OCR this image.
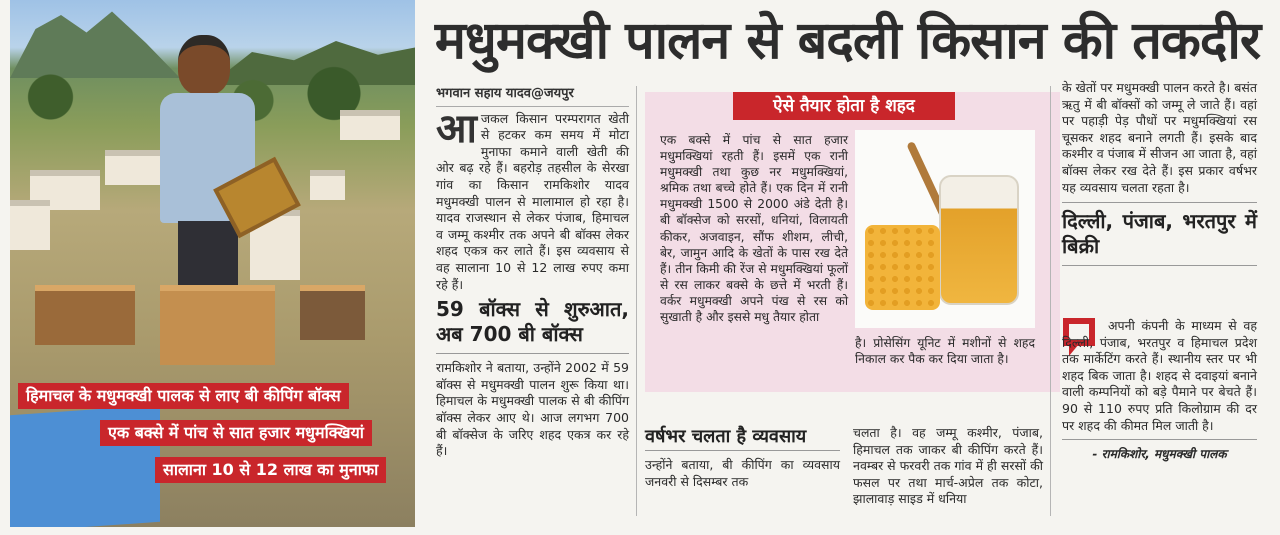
हिमाचल के मधुमक्खी पालक से लाए बी कीपिंग बॉक्स
एक बक्से में पांच से सात हजार मधुमक्खियां
सालाना 10 से 12 लाख का मुनाफा
मधुमक्खी पालन से बदली किसान की तकदीर
भगवान सहाय यादव@जयपुर

आजकल किसान परम्परागत खेती से हटकर कम समय में मोटा मुनाफा कमाने वाली खेती की ओर बढ़ रहे हैं। बहरोड़ तहसील के सेरखा गांव का किसान रामकिशोर यादव मधुमक्खी पालन से मालामाल हो रहा है। यादव राजस्थान से लेकर पंजाब, हिमाचल व जम्मू कश्मीर तक अपने बी बॉक्स लेकर शहद एकत्र कर लाते हैं। इस व्यवसाय से वह सालाना 10 से 12 लाख रुपए कमा रहे हैं।

59 बॉक्स से शुरुआत, अब 700 बी बॉक्स

रामकिशोर ने बताया, उन्होंने 2002 में 59 बॉक्स से मधुमक्खी पालन शुरू किया था। हिमाचल के मधुमक्खी पालक से बी कीपिंग बॉक्स लेकर आए थे। आज लगभग 700 बी बॉक्सेज के जरिए शहद एकत्र कर रहे हैं।

ऐसे तैयार होता है शहद
एक बक्से में पांच से सात हजार मधुमक्खियां रहती हैं। इसमें एक रानी मधुमक्खी तथा कुछ नर मधुमक्खियां, श्रमिक तथा बच्चे होते हैं। एक दिन में रानी मधुमक्खी 1500 से 2000 अंडे देती है। बी बॉक्सेज को सरसों, धनियां, विलायती कीकर, अजवाइन, सौंफ शीशम, लीची, बेर, जामुन आदि के खेतों के पास रख देते हैं। तीन किमी की रेंज से मधुमक्खियां फूलों से रस लाकर बक्से के छत्ते में भरती हैं। वर्कर मधुमक्खी अपने पंख से रस को सुखाती है और इससे मधु तैयार होता
है। प्रोसेसिंग यूनिट में मशीनों से शहद निकाल कर पैक कर दिया जाता है।
वर्षभर चलता है व्यवसाय

उन्होंने बताया, बी कीपिंग का व्यवसाय जनवरी से दिसम्बर तक

चलता है। वह जम्मू कश्मीर, पंजाब, हिमाचल तक जाकर बी कीपिंग करते हैं। नवम्बर से फरवरी तक गांव में ही सरसों की फसल पर तथा मार्च-अप्रेल तक कोटा, झालावाड़ साइड में धनिया

के खेतों पर मधुमक्खी पालन करते है। बसंत ऋतु में बी बॉक्सों को जम्मू ले जाते हैं। वहां पर पहाड़ी पेड़ पौधों पर मधुमक्खियां रस चूसकर शहद बनाने लगती हैं। इसके बाद कश्मीर व पंजाब में सीजन आ जाता है, वहां बॉक्स लेकर रख देते हैं। इस प्रकार वर्षभर यह व्यवसाय चलता रहता है।

दिल्ली, पंजाब, भरतपुर में बिक्री

अपनी कंपनी के माध्यम से वह दिल्ली, पंजाब, भरतपुर व हिमाचल प्रदेश तक मार्केटिंग करते हैं। स्थानीय स्तर पर भी शहद बिक जाता है। शहद से दवाइयां बनाने वाली कम्पनियों को बड़े पैमाने पर बेचते हैं। 90 से 110 रुपए प्रति किलोग्राम की दर पर शहद की कीमत मिल जाती है।

- रामकिशोर, मधुमक्खी पालक
